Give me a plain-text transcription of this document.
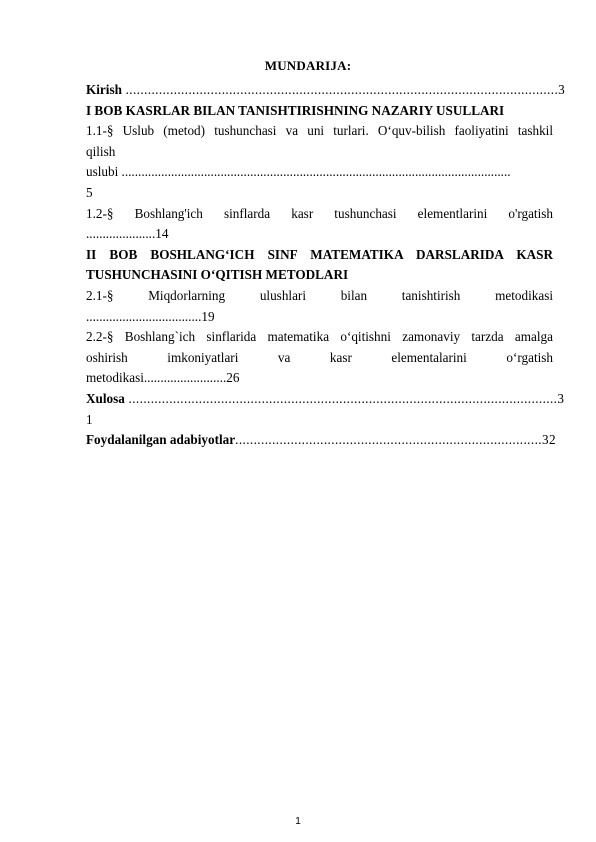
MUNDARIJA:
Kirish .....................................................................................................................3
I BOB KASRLAR BILAN TANISHTIRISHNING NAZARIY USULLARI
1.1-§ Uslub (metod) tushunchasi va uni turlari. O‘quv-bilish faoliyatini tashkil
qilish
uslubi ......................................................................................................................
5
1.2-§ Boshlang'ich sinflarda kasr tushunchasi elementlarini o'rgatish
.....................14
II BOB BOSHLANG‘ICH SINF MATEMATIKA DARSLARIDA KASR
TUSHUNCHASINI O‘QITISH METODLARI
2.1-§ Miqdorlarning ulushlari bilan tanishtirish metodikasi
...................................19
2.2-§ Boshlang`ich sinflarida matematika o‘qitishni zamonaviy tarzda amalga
oshirish imkoniyatlari va kasr elementalarini o‘rgatish
metodikasi.........................26
Xulosa ....................................................................................................................3
1
Foydalanilgan adabiyotlar...................................................................................32
1
